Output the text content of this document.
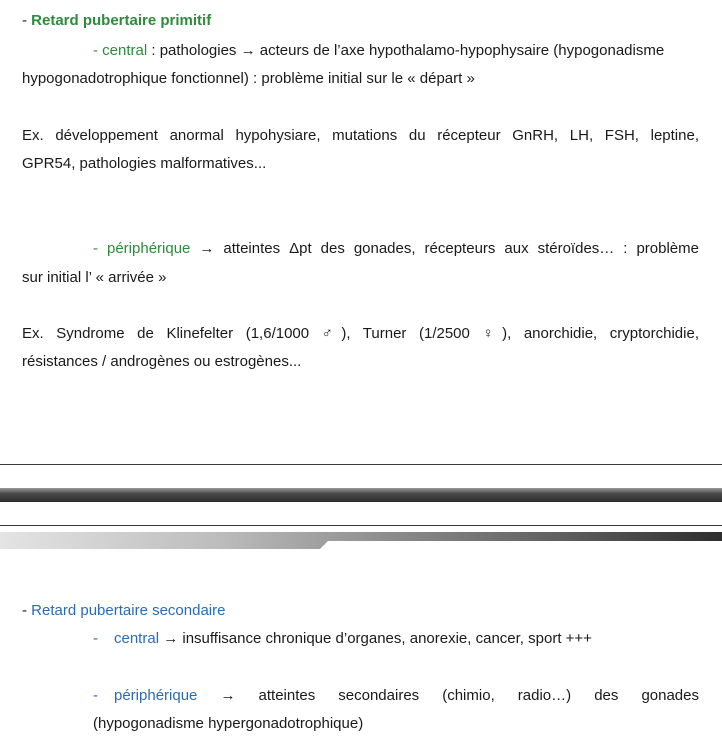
- Retard pubertaire primitif
- central : pathologies → acteurs de l’axe hypothalamo-hypophysaire (hypogonadisme
hypogonadotrophique fonctionnel) : problème initial sur le « départ »
Ex. développement anormal hypohysiare, mutations du récepteur GnRH, LH, FSH, leptine,
GPR54, pathologies malformatives...
- périphérique → atteintes Δpt des gonades, récepteurs aux stéroïdes… : problème
sur initial l’ « arrivée »
Ex. Syndrome de Klinefelter (1,6/1000 ♂), Turner (1/2500 ♀), anorchidie, cryptorchidie,
résistances / androgènes ou estrogènes...
- Retard pubertaire secondaire
- central → insuffisance chronique d’organes, anorexie, cancer, sport +++
- périphérique → atteintes secondaires (chimio, radio…) des gonades
(hypogonadisme hypergonadotrophique)
